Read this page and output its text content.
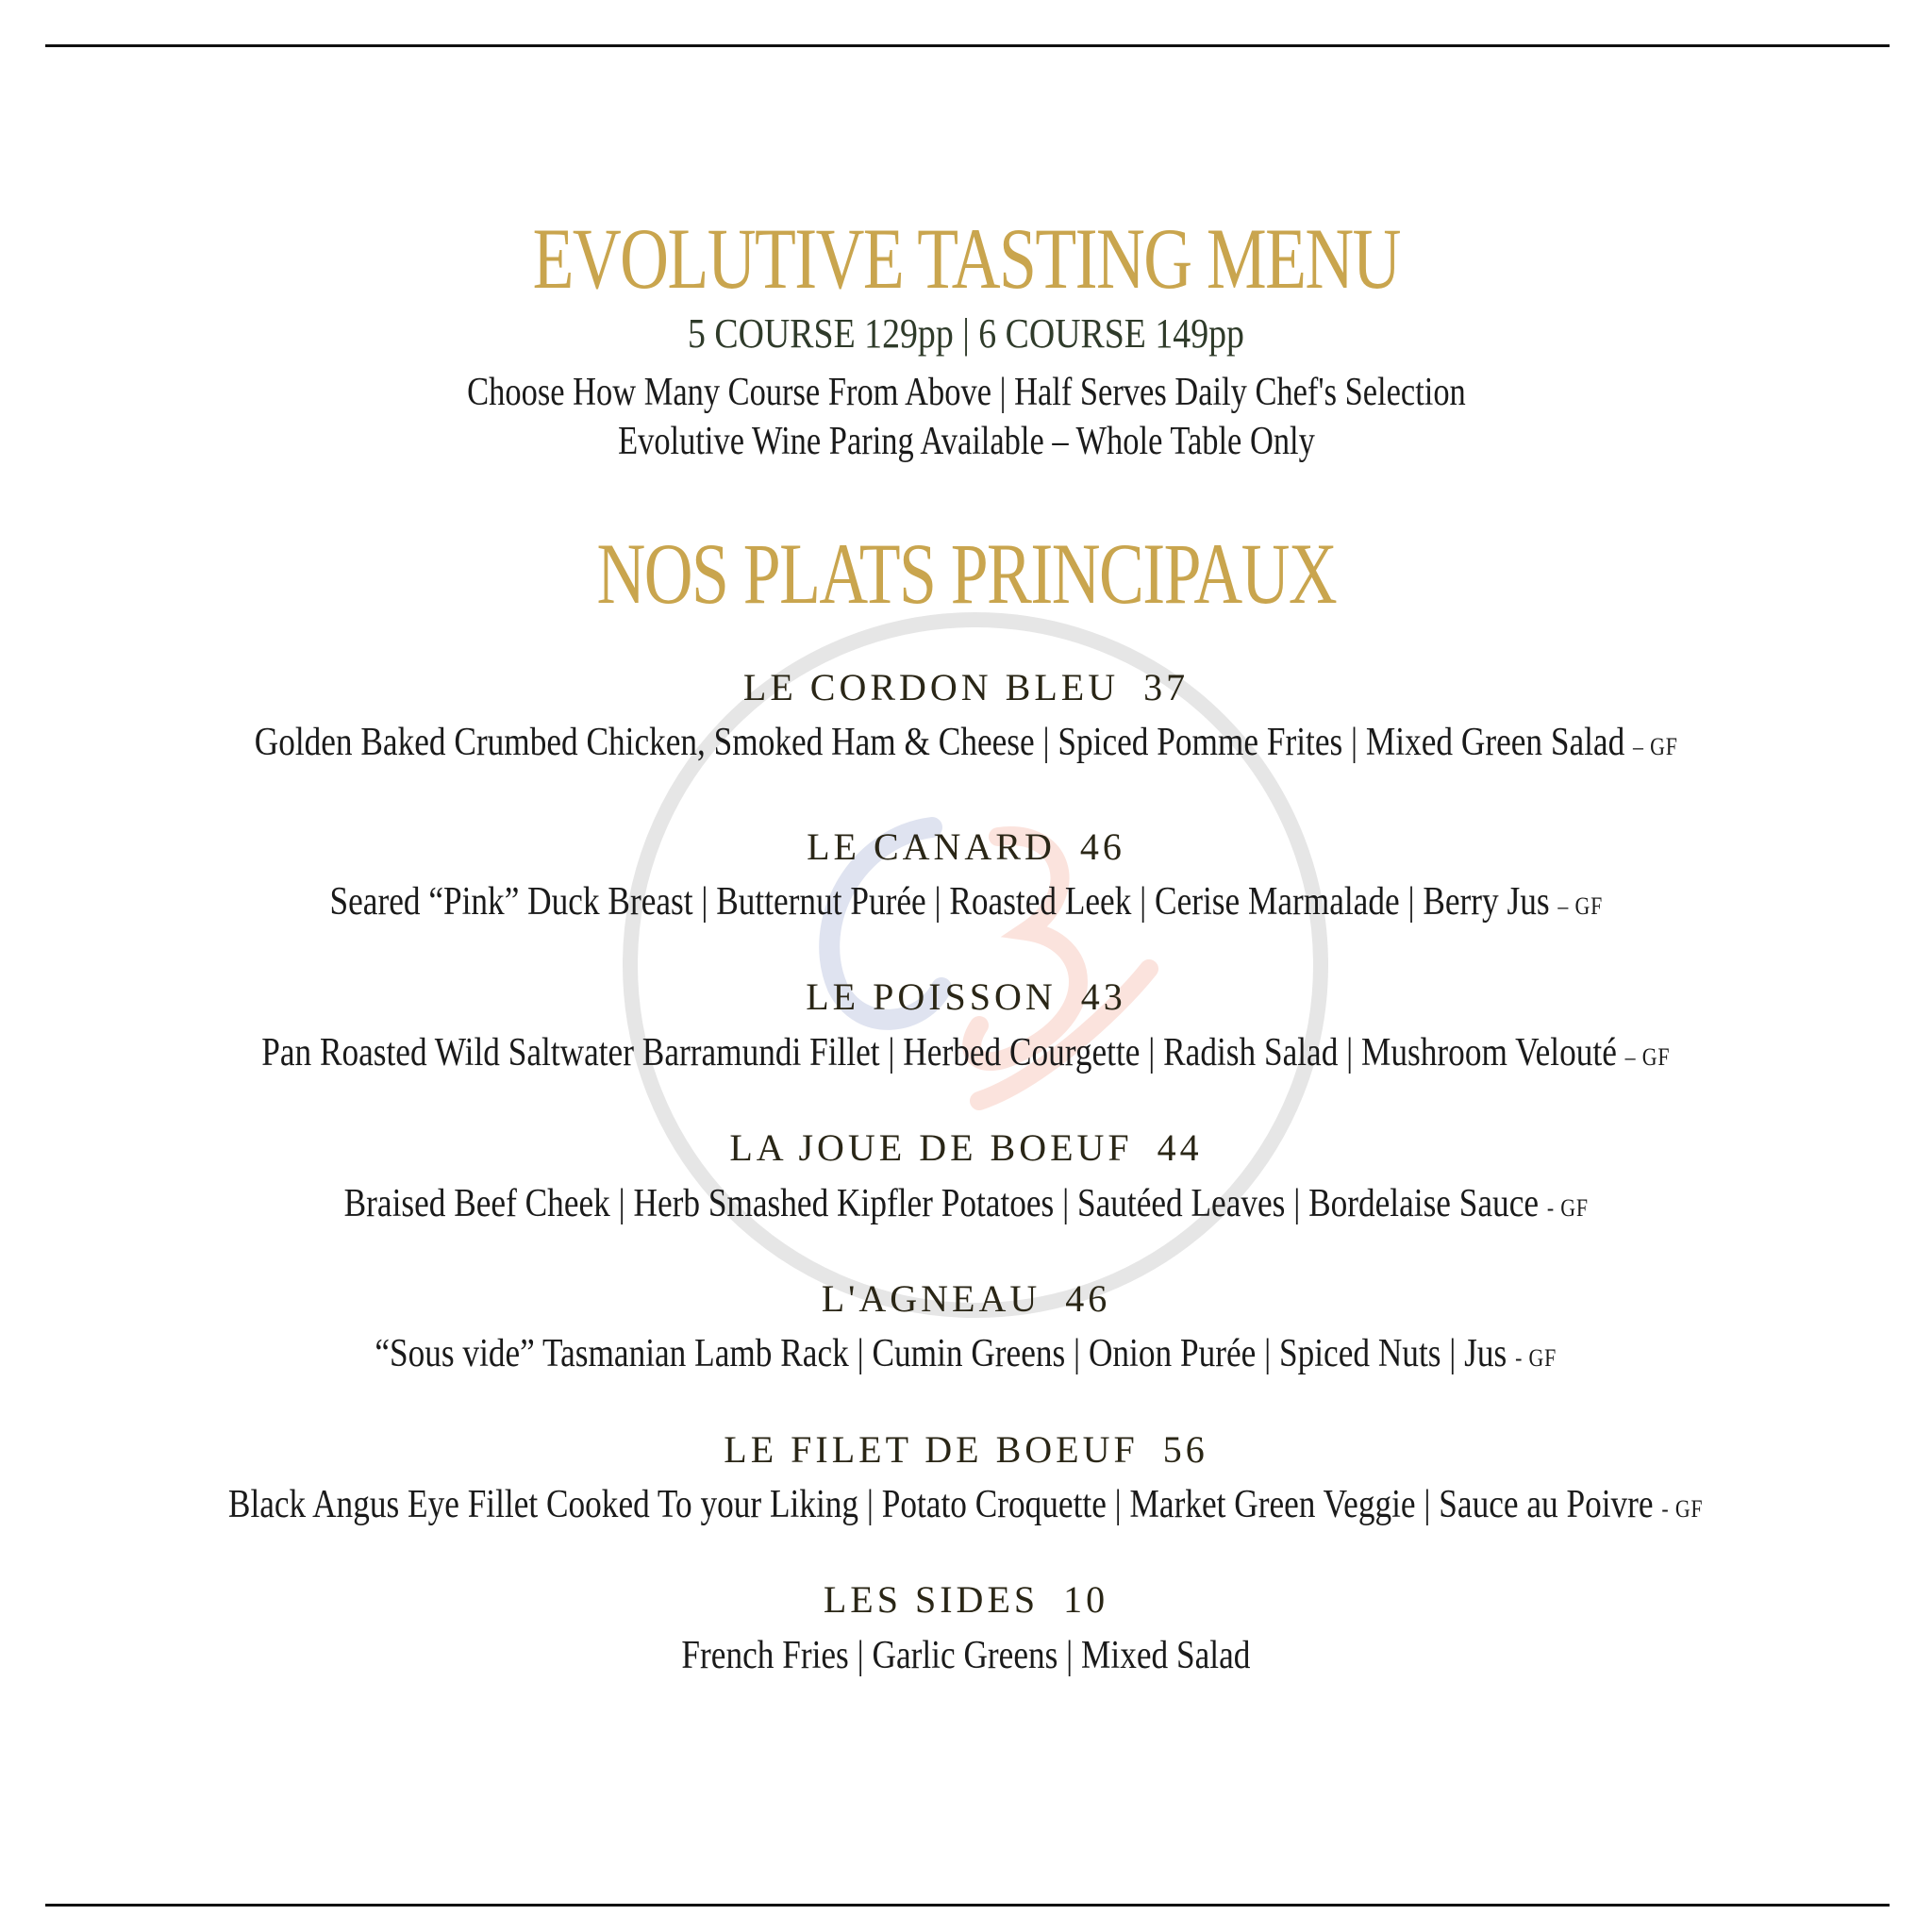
EVOLUTIVE TASTING MENU
5 COURSE 129pp | 6 COURSE 149pp
Choose How Many Course From Above | Half Serves Daily Chef's Selection
Evolutive Wine Paring Available – Whole Table Only
NOS PLATS PRINCIPAUX
LE CORDON BLEU 37
Golden Baked Crumbed Chicken, Smoked Ham & Cheese | Spiced Pomme Frites | Mixed Green Salad – GF
LE CANARD 46
Seared “Pink” Duck Breast | Butternut Purée | Roasted Leek | Cerise Marmalade | Berry Jus – GF
LE POISSON 43
Pan Roasted Wild Saltwater Barramundi Fillet | Herbed Courgette | Radish Salad | Mushroom Velouté – GF
LA JOUE DE BOEUF 44
Braised Beef Cheek | Herb Smashed Kipfler Potatoes | Sautéed Leaves | Bordelaise Sauce - GF
L'AGNEAU 46
“Sous vide” Tasmanian Lamb Rack | Cumin Greens | Onion Purée | Spiced Nuts | Jus - GF
LE FILET DE BOEUF 56
Black Angus Eye Fillet Cooked To your Liking | Potato Croquette | Market Green Veggie | Sauce au Poivre - GF
LES SIDES 10
French Fries | Garlic Greens | Mixed Salad
